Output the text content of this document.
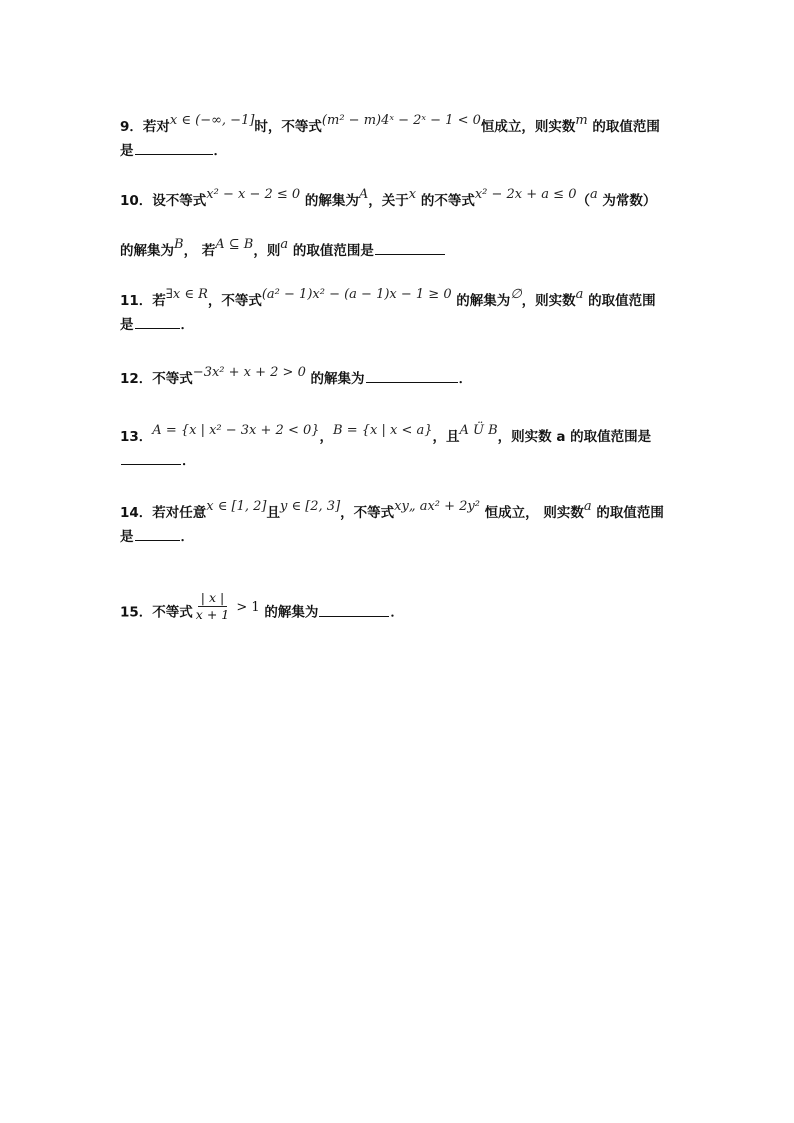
9．若对x ∈ (−∞, −1]时，不等式(m² − m)4ˣ − 2ˣ − 1 < 0恒成立，则实数m 的取值范围
是	．
10．设不等式x² − x − 2 ≤ 0 的解集为A，关于x 的不等式x² − 2x + a ≤ 0（a 为常数）
的解集为B， 若A ⊆ B，则a 的取值范围是
11．若∃x ∈ R，不等式(a² − 1)x² − (a − 1)x − 1 ≥ 0 的解集为∅，则实数a 的取值范围
是	．
12．不等式−3x² + x + 2 > 0 的解集为	．
13．A = {x | x² − 3x + 2 < 0}，B = {x | x < a}，且A Ü B，则实数 a 的取值范围是
．
14．若对任意x ∈ [1, 2]且y ∈ [2, 3]，不等式xy„ ax² + 2y² 恒成立， 则实数a 的取值范围
是	．
15．不等式 $\frac{| x |}{x + 1} > 1$ 的解集为	．
